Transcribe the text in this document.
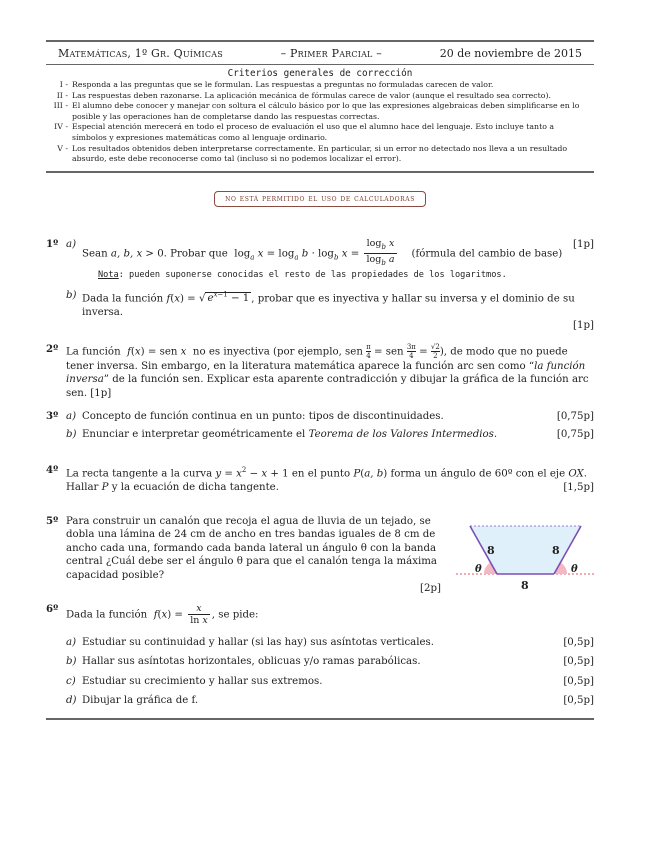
Matemáticas, 1º Gr. Químicas	– Primer Parcial –	20 de noviembre de 2015
Criterios generales de corrección
I - Responda a las preguntas que se le formulan. Las respuestas a preguntas no formuladas carecen de valor.
II - Las respuestas deben razonarse. La aplicación mecánica de fórmulas carece de valor (aunque el resultado sea correcto).
III - El alumno debe conocer y manejar con soltura el cálculo básico por lo que las expresiones algebraicas deben simplificarse en lo posible y las operaciones han de completarse dando las respuestas correctas.
IV - Especial atención merecerá en todo el proceso de evaluación el uso que el alumno hace del lenguaje. Esto incluye tanto a símbolos y expresiones matemáticas como al lenguaje ordinario.
V - Los resultados obtenidos deben interpretarse correctamente. En particular, si un error no detectado nos lleva a un resultado absurdo, este debe reconocerse como tal (incluso si no podemos localizar el error).
no está permitido el uso de calculadoras
1º a)
Sean a, b, x > 0. Probar que  $\log_a x = \log_a b \cdot \log_b x = \frac{\log_b x}{\log_b a}$ (fórmula del cambio de base)
[1p]
Nota: pueden suponerse conocidas el resto de las propiedades de los logaritmos.
b) Dada la función f(x) = √ $e^{x-1} - 1$ , probar que es inyectiva y hallar su inversa y el dominio de su inversa.
[1p]
2º La función  f(x) = sen x  no es inyectiva (por ejemplo, sen $\frac{\pi}{4}$ = sen $\frac{3\pi}{4} = \frac{√2}{2}$), de modo que no puede tener inversa. Sin embargo, en la literatura matemática aparece la función arc sen como “la función inversa” de la función sen. Explicar esta aparente contradicción y dibujar la gráfica de la función arc sen. [1p]
3º a) Concepto de función continua en un punto: tipos de discontinuidades.	[0,75p]
b) Enunciar e interpretar geométricamente el Teorema de los Valores Intermedios.	[0,75p]
4º La recta tangente a la curva $y = x^2 - x + 1$ en el punto P(a, b) forma un ángulo de 60º con el eje OX.
Hallar P y la ecuación de dicha tangente.	[1,5p]
5º Para construir un canalón que recoja el agua de lluvia de un tejado, se dobla una lámina de 24 cm de ancho en tres bandas iguales de 8 cm de ancho cada una, formando cada banda lateral un ángulo θ con la banda central ¿Cuál debe ser el ángulo θ para que el canalón tenga la máxima capacidad posible?
[2p]
8	8
8
θ	θ
6º Dada la función  $f(x) = \frac{x}{\text{ln x}}$ , se pide:
a) Estudiar su continuidad y hallar (si las hay) sus asíntotas verticales.	[0,5p]
b) Hallar sus asíntotas horizontales, oblicuas y/o ramas parabólicas.	[0,5p]
c) Estudiar su crecimiento y hallar sus extremos.	[0,5p]
d) Dibujar la gráfica de f.	[0,5p]
